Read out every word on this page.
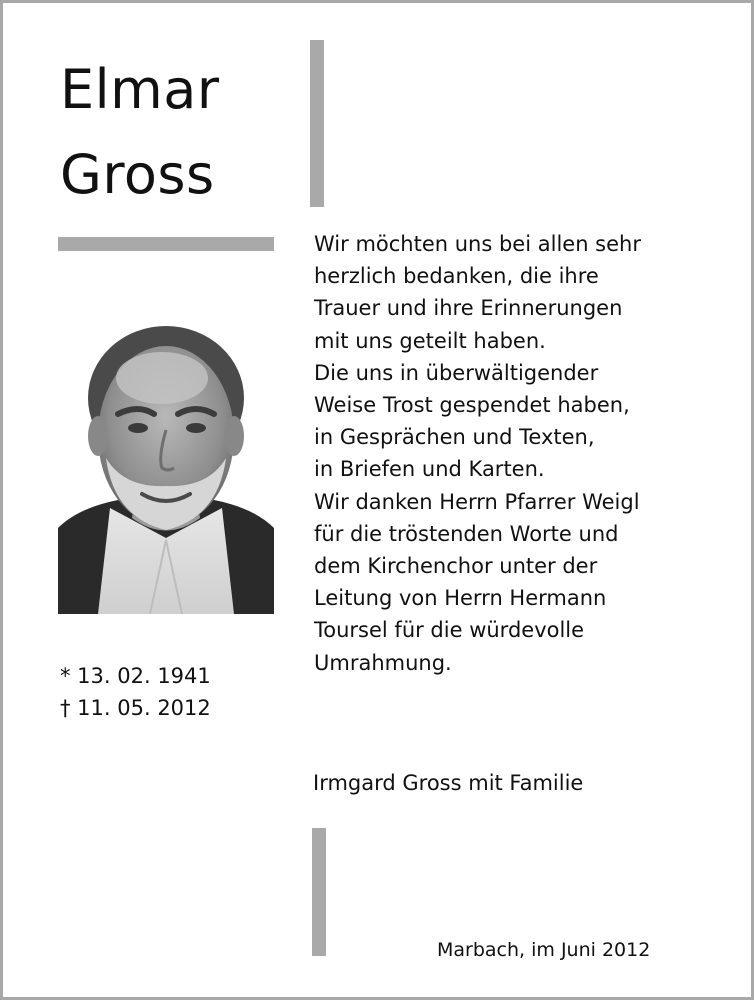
Elmar
Gross
* 13. 02. 1941
† 11. 05. 2012
Wir möchten uns bei allen sehr
herzlich bedanken, die ihre
Trauer und ihre Erinnerungen
mit uns geteilt haben.
Die uns in überwältigender
Weise Trost gespendet haben,
in Gesprächen und Texten,
in Briefen und Karten.
Wir danken Herrn Pfarrer Weigl
für die tröstenden Worte und
dem Kirchenchor unter der
Leitung von Herrn Hermann
Toursel für die würdevolle
Umrahmung.
Irmgard Gross mit Familie
Marbach, im Juni 2012
